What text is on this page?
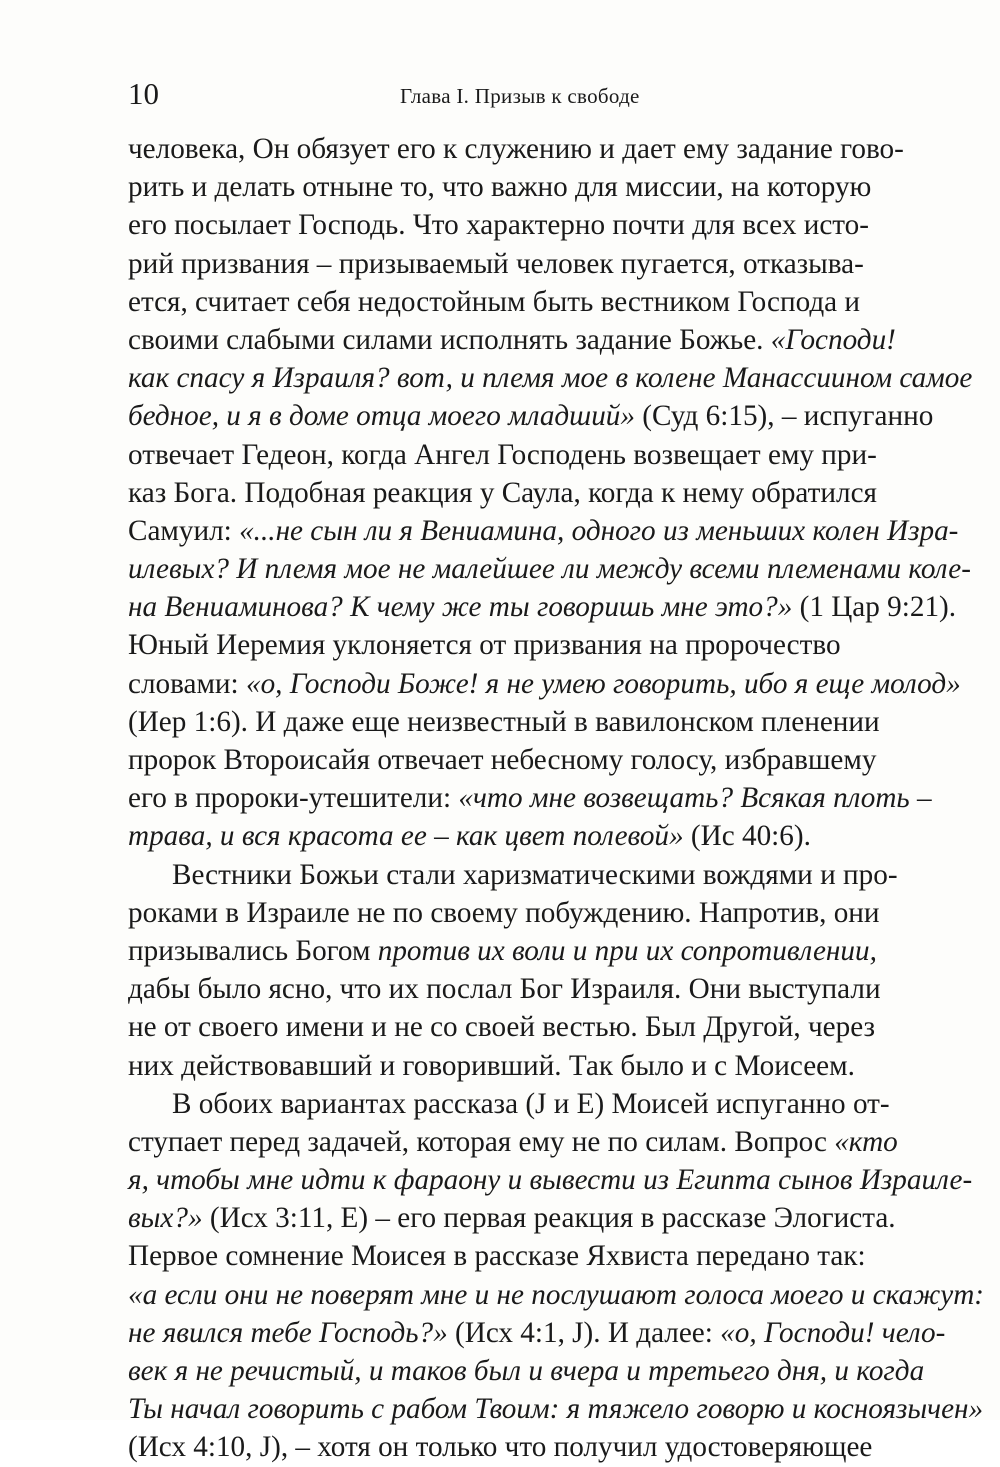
10	Глава I. Призыв к свободе
человека, Он обязует его к служению и дает ему задание гово-
рить и делать отныне то, что важно для миссии, на которую
его посылает Господь. Что характерно почти для всех исто-
рий призвания – призываемый человек пугается, отказыва-
ется, считает себя недостойным быть вестником Господа и
своими слабыми силами исполнять задание Божье. «Господи!
как спасу я Израиля? вот, и племя мое в колене Манассиином самое
бедное, и я в доме отца моего младший» (Суд 6:15), – испуганно
отвечает Гедеон, когда Ангел Господень возвещает ему при-
каз Бога. Подобная реакция у Саула, когда к нему обратился
Самуил: «...не сын ли я Вениамина, одного из меньших колен Изра-
илевых? И племя мое не малейшее ли между всеми племенами коле-
на Вениаминова? К чему же ты говоришь мне это?» (1 Цар 9:21).
Юный Иеремия уклоняется от призвания на пророчество
словами: «о, Господи Боже! я не умею говорить, ибо я еще молод»
(Иер 1:6). И даже еще неизвестный в вавилонском пленении
пророк Второисайя отвечает небесному голосу, избравшему
его в пророки-утешители: «что мне возвещать? Всякая плоть –
трава, и вся красота ее – как цвет полевой» (Ис 40:6).
Вестники Божьи стали харизматическими вождями и про-
роками в Израиле не по своему побуждению. Напротив, они
призывались Богом против их воли и при их сопротивлении,
дабы было ясно, что их послал Бог Израиля. Они выступали
не от своего имени и не со своей вестью. Был Другой, через
них действовавший и говоривший. Так было и с Моисеем.
В обоих вариантах рассказа (J и E) Моисей испуганно от-
ступает перед задачей, которая ему не по силам. Вопрос «кто
я, чтобы мне идти к фараону и вывести из Египта сынов Израиле-
вых?» (Исх 3:11, E) – его первая реакция в рассказе Элогиста.
Первое сомнение Моисея в рассказе Яхвиста передано так:
«а если они не поверят мне и не послушают голоса моего и скажут:
не явился тебе Господь?» (Исх 4:1, J). И далее: «о, Господи! чело-
век я не речистый, и таков был и вчера и третьего дня, и когда
Ты начал говорить с рабом Твоим: я тяжело говорю и косноязычен»
(Исх 4:10, J), – хотя он только что получил удостоверяющее
